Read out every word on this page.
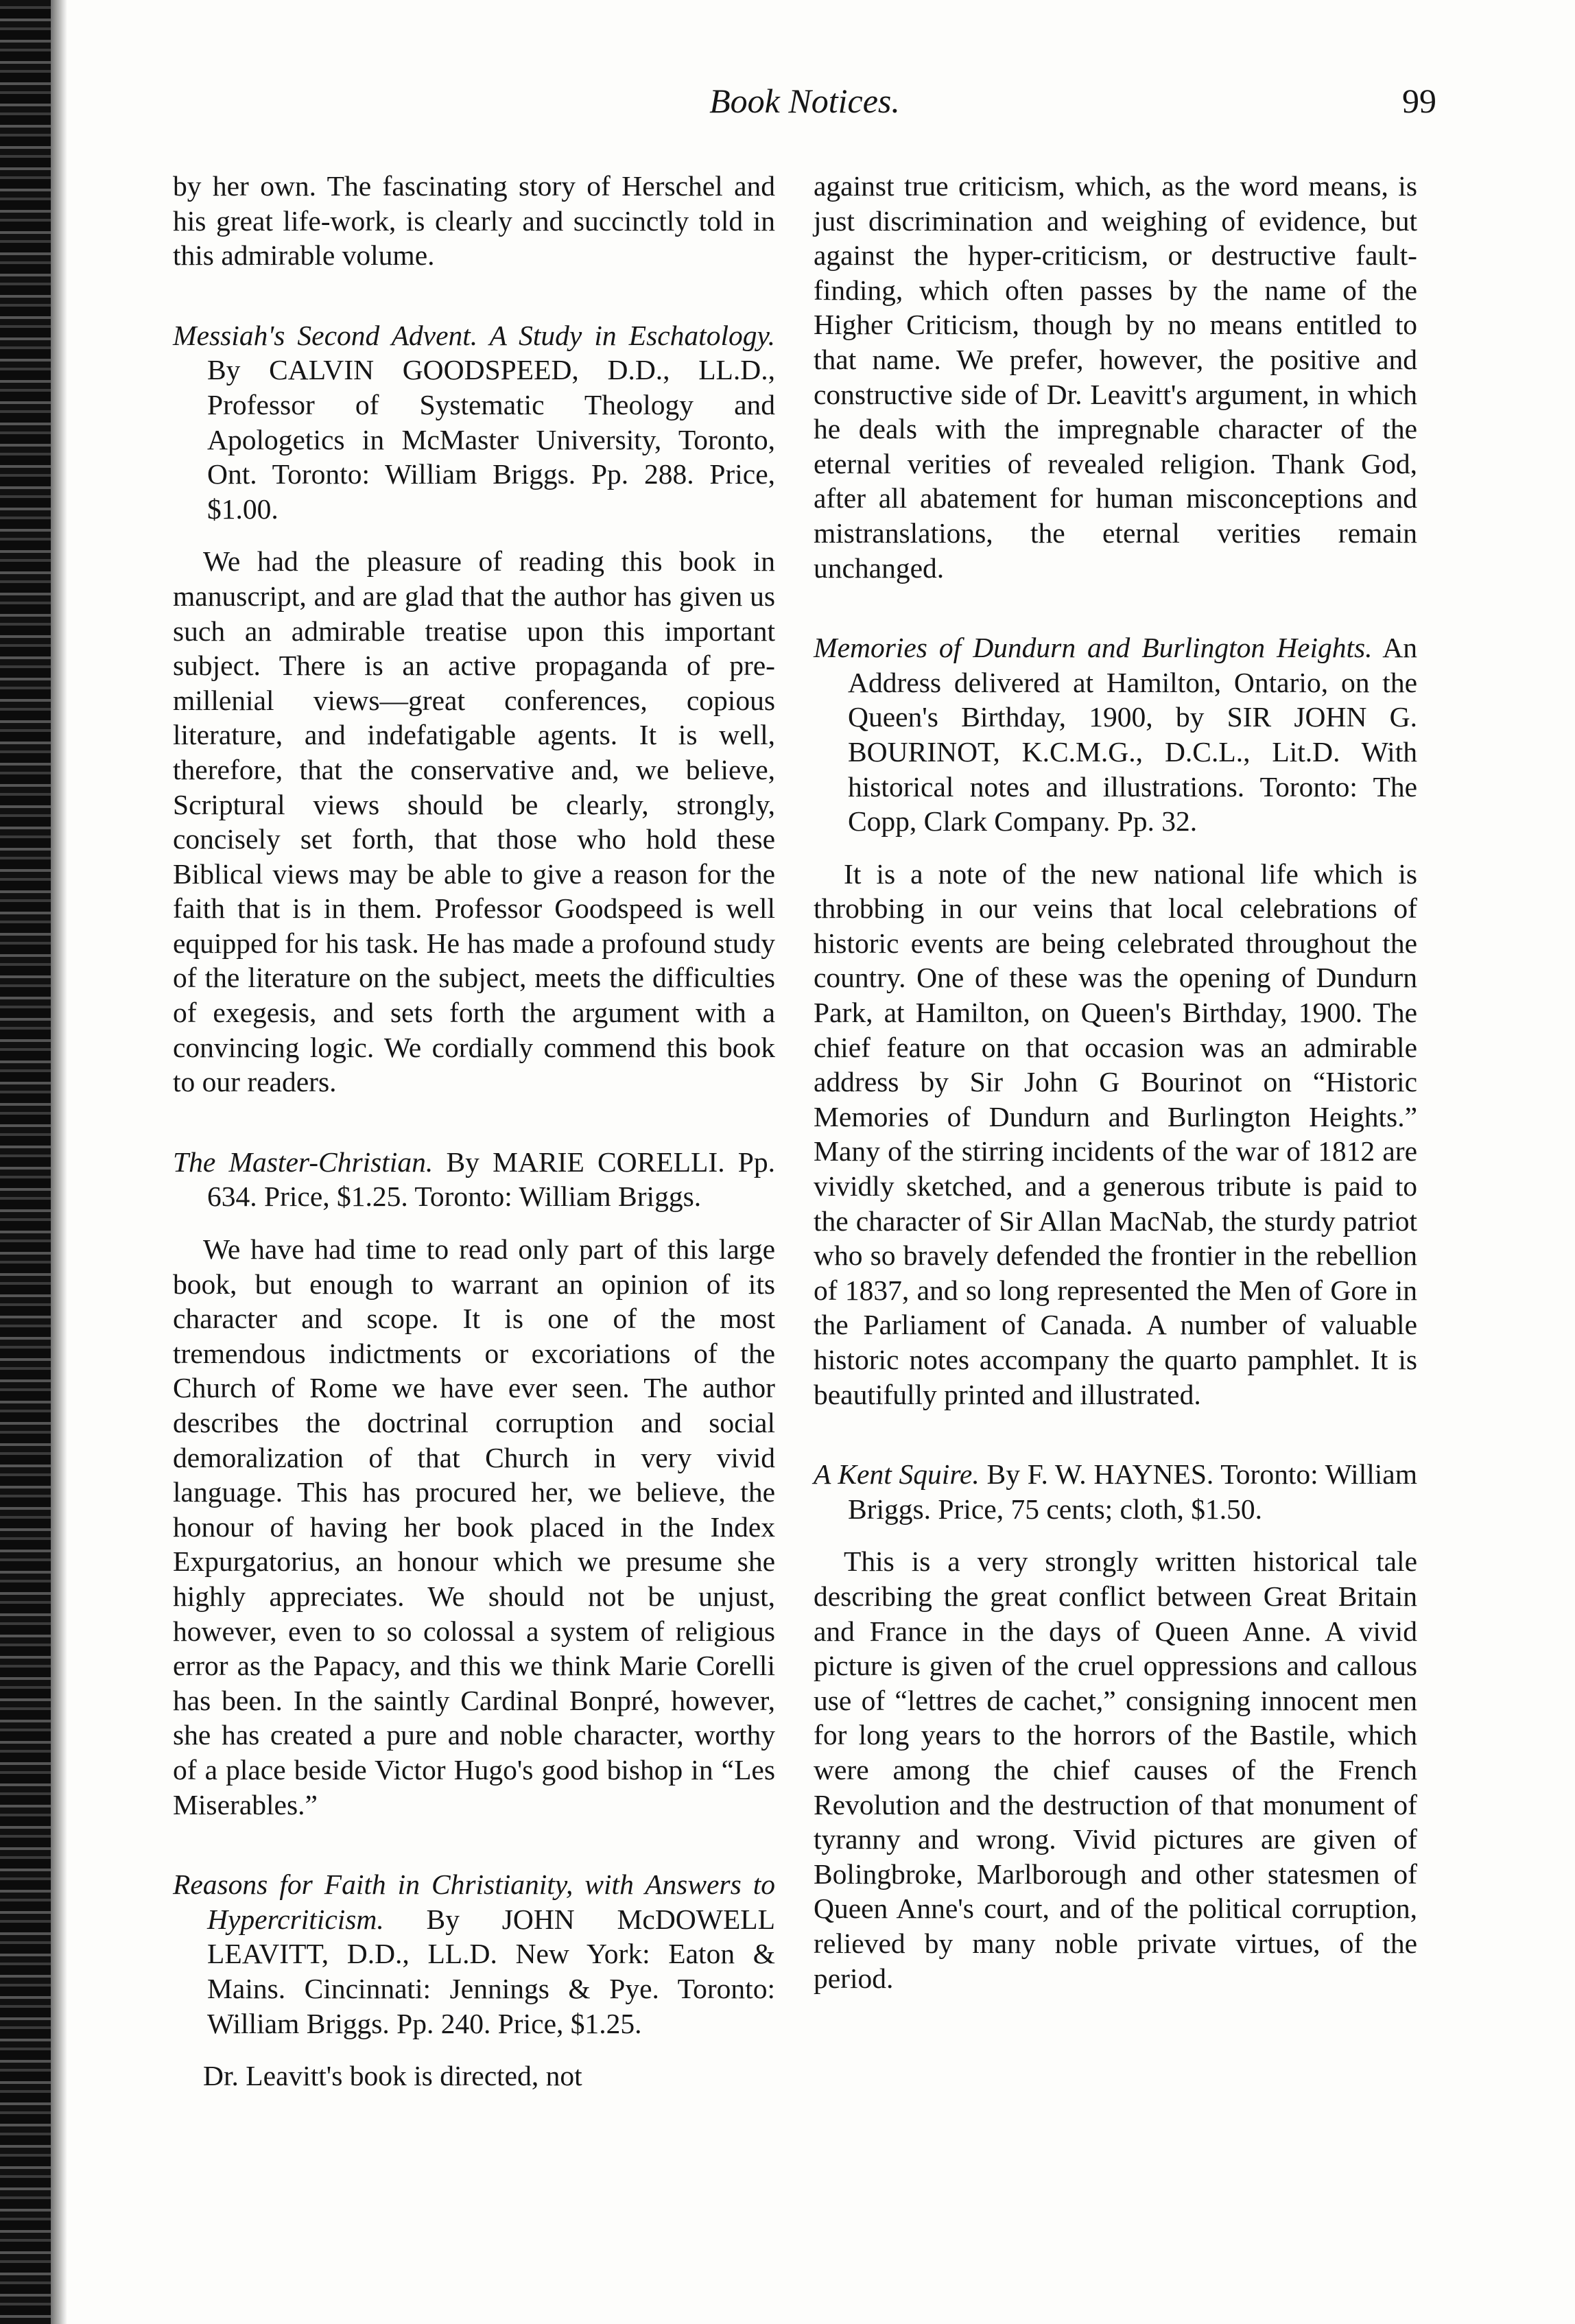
Book Notices.	99

by her own. The fascinating story of Herschel and his great life-work, is clearly and succinctly told in this admirable volume.

Messiah's Second Advent. A Study in Eschatology. By CALVIN GOODSPEED, D.D., LL.D., Professor of Systematic Theology and Apologetics in McMaster University, Toronto, Ont. Toronto: William Briggs. Pp. 288. Price, $1.00.

We had the pleasure of reading this book in manuscript, and are glad that the author has given us such an admirable treatise upon this important subject. There is an active propaganda of pre-millenial views—great conferences, copious literature, and indefatigable agents. It is well, therefore, that the conservative and, we believe, Scriptural views should be clearly, strongly, concisely set forth, that those who hold these Biblical views may be able to give a reason for the faith that is in them. Professor Goodspeed is well equipped for his task. He has made a profound study of the literature on the subject, meets the difficulties of exegesis, and sets forth the argument with a convincing logic. We cordially commend this book to our readers.

The Master-Christian. By MARIE CORELLI. Pp. 634. Price, $1.25. Toronto: William Briggs.

We have had time to read only part of this large book, but enough to warrant an opinion of its character and scope. It is one of the most tremendous indictments or excoriations of the Church of Rome we have ever seen. The author describes the doctrinal corruption and social demoralization of that Church in very vivid language. This has procured her, we believe, the honour of having her book placed in the Index Expurgatorius, an honour which we presume she highly appreciates. We should not be unjust, however, even to so colossal a system of religious error as the Papacy, and this we think Marie Corelli has been. In the saintly Cardinal Bonpré, however, she has created a pure and noble character, worthy of a place beside Victor Hugo's good bishop in “Les Miserables.”

Reasons for Faith in Christianity, with Answers to Hypercriticism. By JOHN McDOWELL LEAVITT, D.D., LL.D. New York: Eaton & Mains. Cincinnati: Jennings & Pye. Toronto: William Briggs. Pp. 240. Price, $1.25.

Dr. Leavitt's book is directed, not

against true criticism, which, as the word means, is just discrimination and weighing of evidence, but against the hyper-criticism, or destructive fault-finding, which often passes by the name of the Higher Criticism, though by no means entitled to that name. We prefer, however, the positive and constructive side of Dr. Leavitt's argument, in which he deals with the impregnable character of the eternal verities of revealed religion. Thank God, after all abatement for human misconceptions and mistranslations, the eternal verities remain unchanged.

Memories of Dundurn and Burlington Heights. An Address delivered at Hamilton, Ontario, on the Queen's Birthday, 1900, by SIR JOHN G. BOURINOT, K.C.M.G., D.C.L., Lit.D. With historical notes and illustrations. Toronto: The Copp, Clark Company. Pp. 32.

It is a note of the new national life which is throbbing in our veins that local celebrations of historic events are being celebrated throughout the country. One of these was the opening of Dundurn Park, at Hamilton, on Queen's Birthday, 1900. The chief feature on that occasion was an admirable address by Sir John G Bourinot on “Historic Memories of Dundurn and Burlington Heights.” Many of the stirring incidents of the war of 1812 are vividly sketched, and a generous tribute is paid to the character of Sir Allan MacNab, the sturdy patriot who so bravely defended the frontier in the rebellion of 1837, and so long represented the Men of Gore in the Parliament of Canada. A number of valuable historic notes accompany the quarto pamphlet. It is beautifully printed and illustrated.

A Kent Squire. By F. W. HAYNES. Toronto: William Briggs. Price, 75 cents; cloth, $1.50.

This is a very strongly written historical tale describing the great conflict between Great Britain and France in the days of Queen Anne. A vivid picture is given of the cruel oppressions and callous use of “lettres de cachet,” consigning innocent men for long years to the horrors of the Bastile, which were among the chief causes of the French Revolution and the destruction of that monument of tyranny and wrong. Vivid pictures are given of Bolingbroke, Marlborough and other statesmen of Queen Anne's court, and of the political corruption, relieved by many noble private virtues, of the period.
